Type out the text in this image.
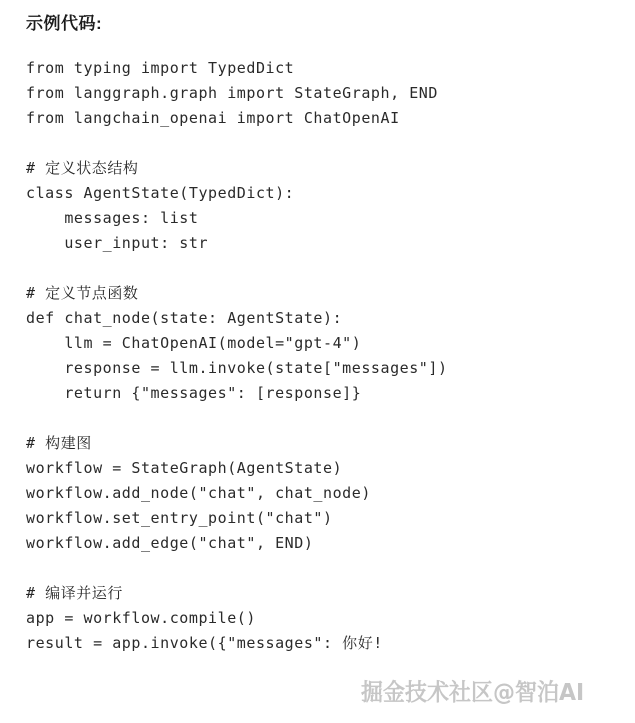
示例代码:
from typing import TypedDict
from langgraph.graph import StateGraph, END
from langchain_openai import ChatOpenAI
# 定义状态结构
class AgentState(TypedDict):
messages: list
user_input: str
# 定义节点函数
def chat_node(state: AgentState):
llm = ChatOpenAI(model="gpt-4")
response = llm.invoke(state["messages"])
return {"messages": [response]}
# 构建图
workflow = StateGraph(AgentState)
workflow.add_node("chat", chat_node)
workflow.set_entry_point("chat")
workflow.add_edge("chat", END)
# 编译并运行
app = workflow.compile()
result = app.invoke({"messages": 你好!
掘金技术社区@智泊AI
